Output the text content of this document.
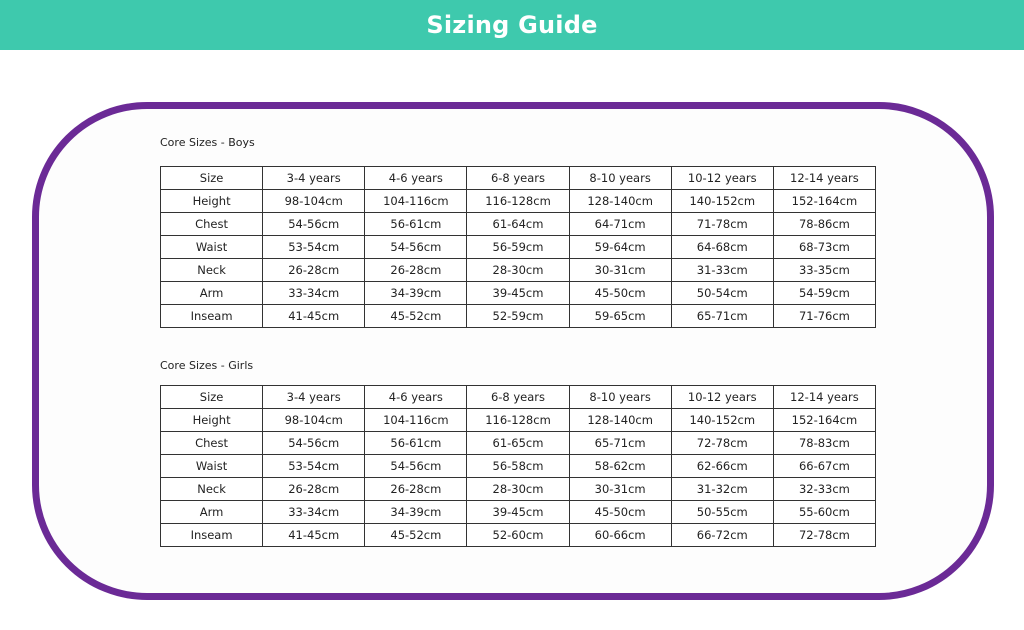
Sizing Guide
Core Sizes - Boys
Size	3-4 years	4-6 years	6-8 years	8-10 years	10-12 years	12-14 years
Height	98-104cm	104-116cm	116-128cm	128-140cm	140-152cm	152-164cm
Chest	54-56cm	56-61cm	61-64cm	64-71cm	71-78cm	78-86cm
Waist	53-54cm	54-56cm	56-59cm	59-64cm	64-68cm	68-73cm
Neck	26-28cm	26-28cm	28-30cm	30-31cm	31-33cm	33-35cm
Arm	33-34cm	34-39cm	39-45cm	45-50cm	50-54cm	54-59cm
Inseam	41-45cm	45-52cm	52-59cm	59-65cm	65-71cm	71-76cm
Core Sizes - Girls
Size	3-4 years	4-6 years	6-8 years	8-10 years	10-12 years	12-14 years
Height	98-104cm	104-116cm	116-128cm	128-140cm	140-152cm	152-164cm
Chest	54-56cm	56-61cm	61-65cm	65-71cm	72-78cm	78-83cm
Waist	53-54cm	54-56cm	56-58cm	58-62cm	62-66cm	66-67cm
Neck	26-28cm	26-28cm	28-30cm	30-31cm	31-32cm	32-33cm
Arm	33-34cm	34-39cm	39-45cm	45-50cm	50-55cm	55-60cm
Inseam	41-45cm	45-52cm	52-60cm	60-66cm	66-72cm	72-78cm
